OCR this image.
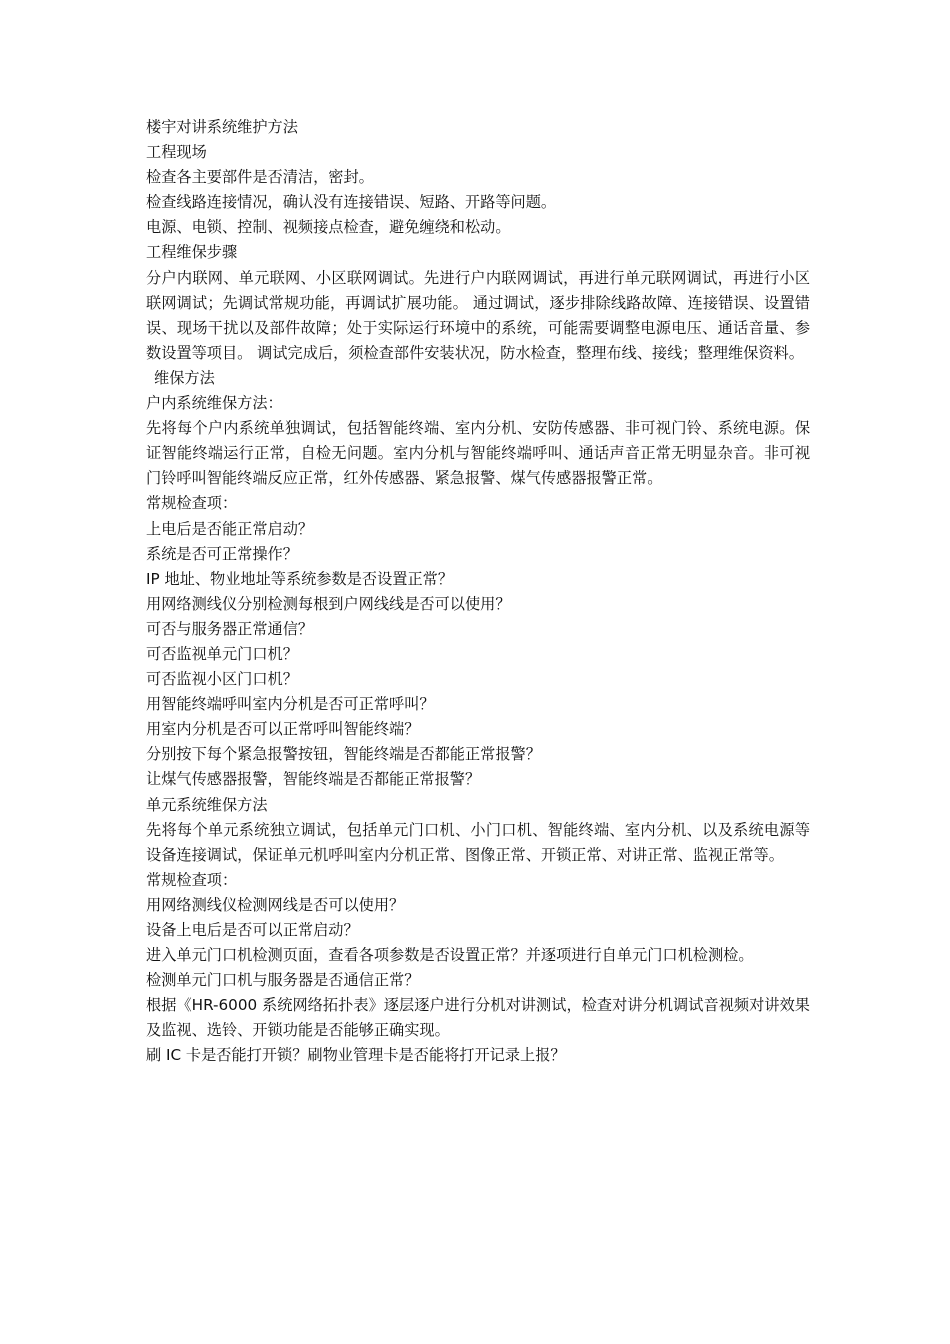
楼宇对讲系统维护方法
工程现场
检查各主要部件是否清洁，密封。
检查线路连接情况，确认没有连接错误、短路、开路等问题。
电源、电锁、控制、视频接点检查，避免缠绕和松动。
工程维保步骤
分户内联网、单元联网、小区联网调试。先进行户内联网调试，再进行单元联网调试，再进行小区联网调试；先调试常规功能，再调试扩展功能。 通过调试，逐步排除线路故障、连接错误、设置错误、现场干扰以及部件故障；处于实际运行环境中的系统，可能需要调整电源电压、通话音量、参数设置等项目。 调试完成后，须检查部件安装状况，防水检查，整理布线、接线；整理维保资料。
维保方法
户内系统维保方法：
先将每个户内系统单独调试，包括智能终端、室内分机、安防传感器、非可视门铃、系统电源。保证智能终端运行正常，自检无问题。室内分机与智能终端呼叫、通话声音正常无明显杂音。非可视门铃呼叫智能终端反应正常，红外传感器、紧急报警、煤气传感器报警正常。
常规检查项：
上电后是否能正常启动？
系统是否可正常操作？
IP 地址、物业地址等系统参数是否设置正常？
用网络测线仪分别检测每根到户网线线是否可以使用？
可否与服务器正常通信？
可否监视单元门口机？
可否监视小区门口机？
用智能终端呼叫室内分机是否可正常呼叫？
用室内分机是否可以正常呼叫智能终端？
分别按下每个紧急报警按钮，智能终端是否都能正常报警？
让煤气传感器报警，智能终端是否都能正常报警？
单元系统维保方法
先将每个单元系统独立调试，包括单元门口机、小门口机、智能终端、室内分机、以及系统电源等设备连接调试，保证单元机呼叫室内分机正常、图像正常、开锁正常、对讲正常、监视正常等。
常规检查项：
用网络测线仪检测网线是否可以使用？
设备上电后是否可以正常启动？
进入单元门口机检测页面，查看各项参数是否设置正常？并逐项进行自单元门口机检测检。
检测单元门口机与服务器是否通信正常？
根据《HR-6000 系统网络拓扑表》逐层逐户进行分机对讲测试，检查对讲分机调试音视频对讲效果及监视、选铃、开锁功能是否能够正确实现。
刷 IC 卡是否能打开锁？刷物业管理卡是否能将打开记录上报？
